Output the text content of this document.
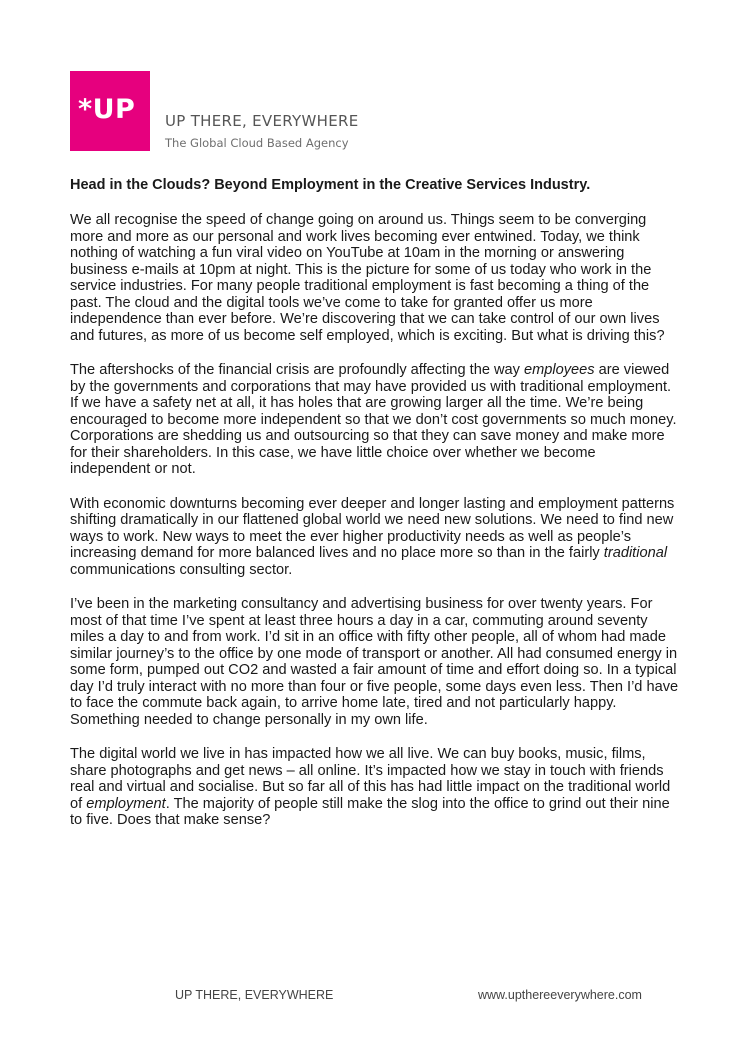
*UP UP THERE, EVERYWHERE
The Global Cloud Based Agency
Head in the Clouds? Beyond Employment in the Creative Services Industry.

We all recognise the speed of change going on around us. Things seem to be converging more and more as our personal and work lives becoming ever entwined. Today, we think nothing of watching a fun viral video on YouTube at 10am in the morning or answering business e-mails at 10pm at night. This is the picture for some of us today who work in the service industries. For many people traditional employment is fast becoming a thing of the past. The cloud and the digital tools we’ve come to take for granted offer us more independence than ever before. We’re discovering that we can take control of our own lives and futures, as more of us become self employed, which is exciting. But what is driving this?

The aftershocks of the financial crisis are profoundly affecting the way employees are viewed by the governments and corporations that may have provided us with traditional employment. If we have a safety net at all, it has holes that are growing larger all the time. We’re being encouraged to become more independent so that we don’t cost governments so much money. Corporations are shedding us and outsourcing so that they can save money and make more for their shareholders. In this case, we have little choice over whether we become independent or not.

With economic downturns becoming ever deeper and longer lasting and employment patterns shifting dramatically in our flattened global world we need new solutions. We need to find new ways to work. New ways to meet the ever higher productivity needs as well as people’s increasing demand for more balanced lives and no place more so than in the fairly traditional communications consulting sector.

I’ve been in the marketing consultancy and advertising business for over twenty years. For most of that time I’ve spent at least three hours a day in a car, commuting around seventy miles a day to and from work. I’d sit in an office with fifty other people, all of whom had made similar journey’s to the office by one mode of transport or another. All had consumed energy in some form, pumped out CO2 and wasted a fair amount of time and effort doing so. In a typical day I’d truly interact with no more than four or five people, some days even less. Then I’d have to face the commute back again, to arrive home late, tired and not particularly happy. Something needed to change personally in my own life.

The digital world we live in has impacted how we all live. We can buy books, music, films, share photographs and get news – all online. It’s impacted how we stay in touch with friends real and virtual and socialise. But so far all of this has had little impact on the traditional world of employment. The majority of people still make the slog into the office to grind out their nine to five. Does that make sense?

UP THERE, EVERYWHERE	www.upthereeverywhere.com
